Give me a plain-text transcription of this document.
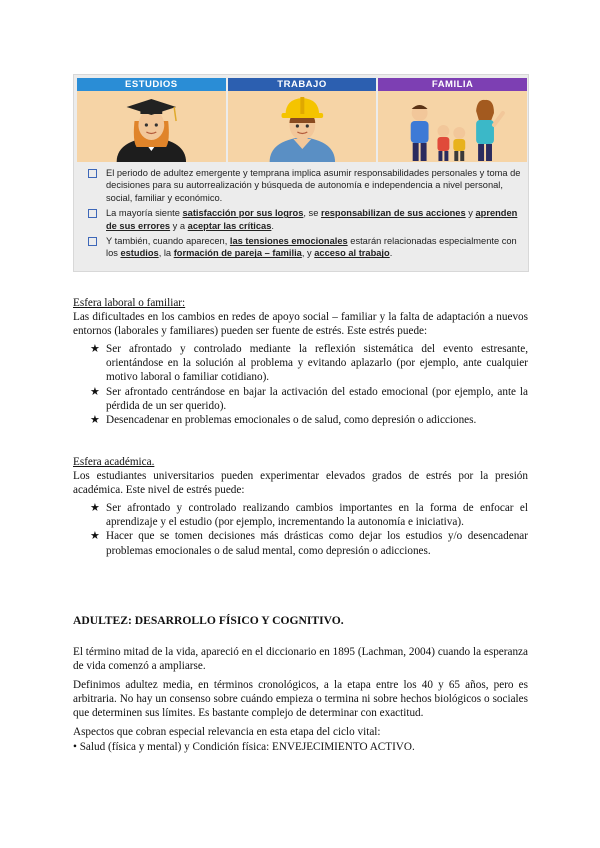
ESTUDIOS	TRABAJO	FAMILIA
El periodo de adultez emergente y temprana implica asumir responsabilidades personales y toma de decisiones para su autorrealización y búsqueda de autonomía e independencia a nivel personal, social, familiar y económico.
La mayoría siente satisfacción por sus logros, se responsabilizan de sus acciones y aprenden de sus errores y a aceptar las críticas.
Y también, cuando aparecen, las tensiones emocionales estarán relacionadas especialmente con los estudios, la formación de pareja – familia, y acceso al trabajo.
Esfera laboral o familiar:
Las dificultades en los cambios en redes de apoyo social – familiar y la falta de adaptación a nuevos entornos (laborales y familiares) pueden ser fuente de estrés. Este estrés puede:
★ Ser afrontado y controlado mediante la reflexión sistemática del evento estresante, orientándose en la solución al problema y evitando aplazarlo (por ejemplo, ante cualquier motivo laboral o familiar cotidiano).
★ Ser afrontado centrándose en bajar la activación del estado emocional (por ejemplo, ante la pérdida de un ser querido).
★ Desencadenar en problemas emocionales o de salud, como depresión o adicciones.
Esfera académica.
Los estudiantes universitarios pueden experimentar elevados grados de estrés por la presión académica. Este nivel de estrés puede:
★ Ser afrontado y controlado realizando cambios importantes en la forma de enfocar el aprendizaje y el estudio (por ejemplo, incrementando la autonomía e iniciativa).
★ Hacer que se tomen decisiones más drásticas como dejar los estudios y/o desencadenar problemas emocionales o de salud mental, como depresión o adicciones.
ADULTEZ: DESARROLLO FÍSICO Y COGNITIVO.
El término mitad de la vida, apareció en el diccionario en 1895 (Lachman, 2004) cuando la esperanza de vida comenzó a ampliarse.
Definimos adultez media, en términos cronológicos, a la etapa entre los 40 y 65 años, pero es arbitraria. No hay un consenso sobre cuándo empieza o termina ni sobre hechos biológicos o sociales que determinen sus límites. Es bastante complejo de determinar con exactitud.
Aspectos que cobran especial relevancia en esta etapa del ciclo vital:
• Salud (física y mental) y Condición física: ENVEJECIMIENTO ACTIVO.
